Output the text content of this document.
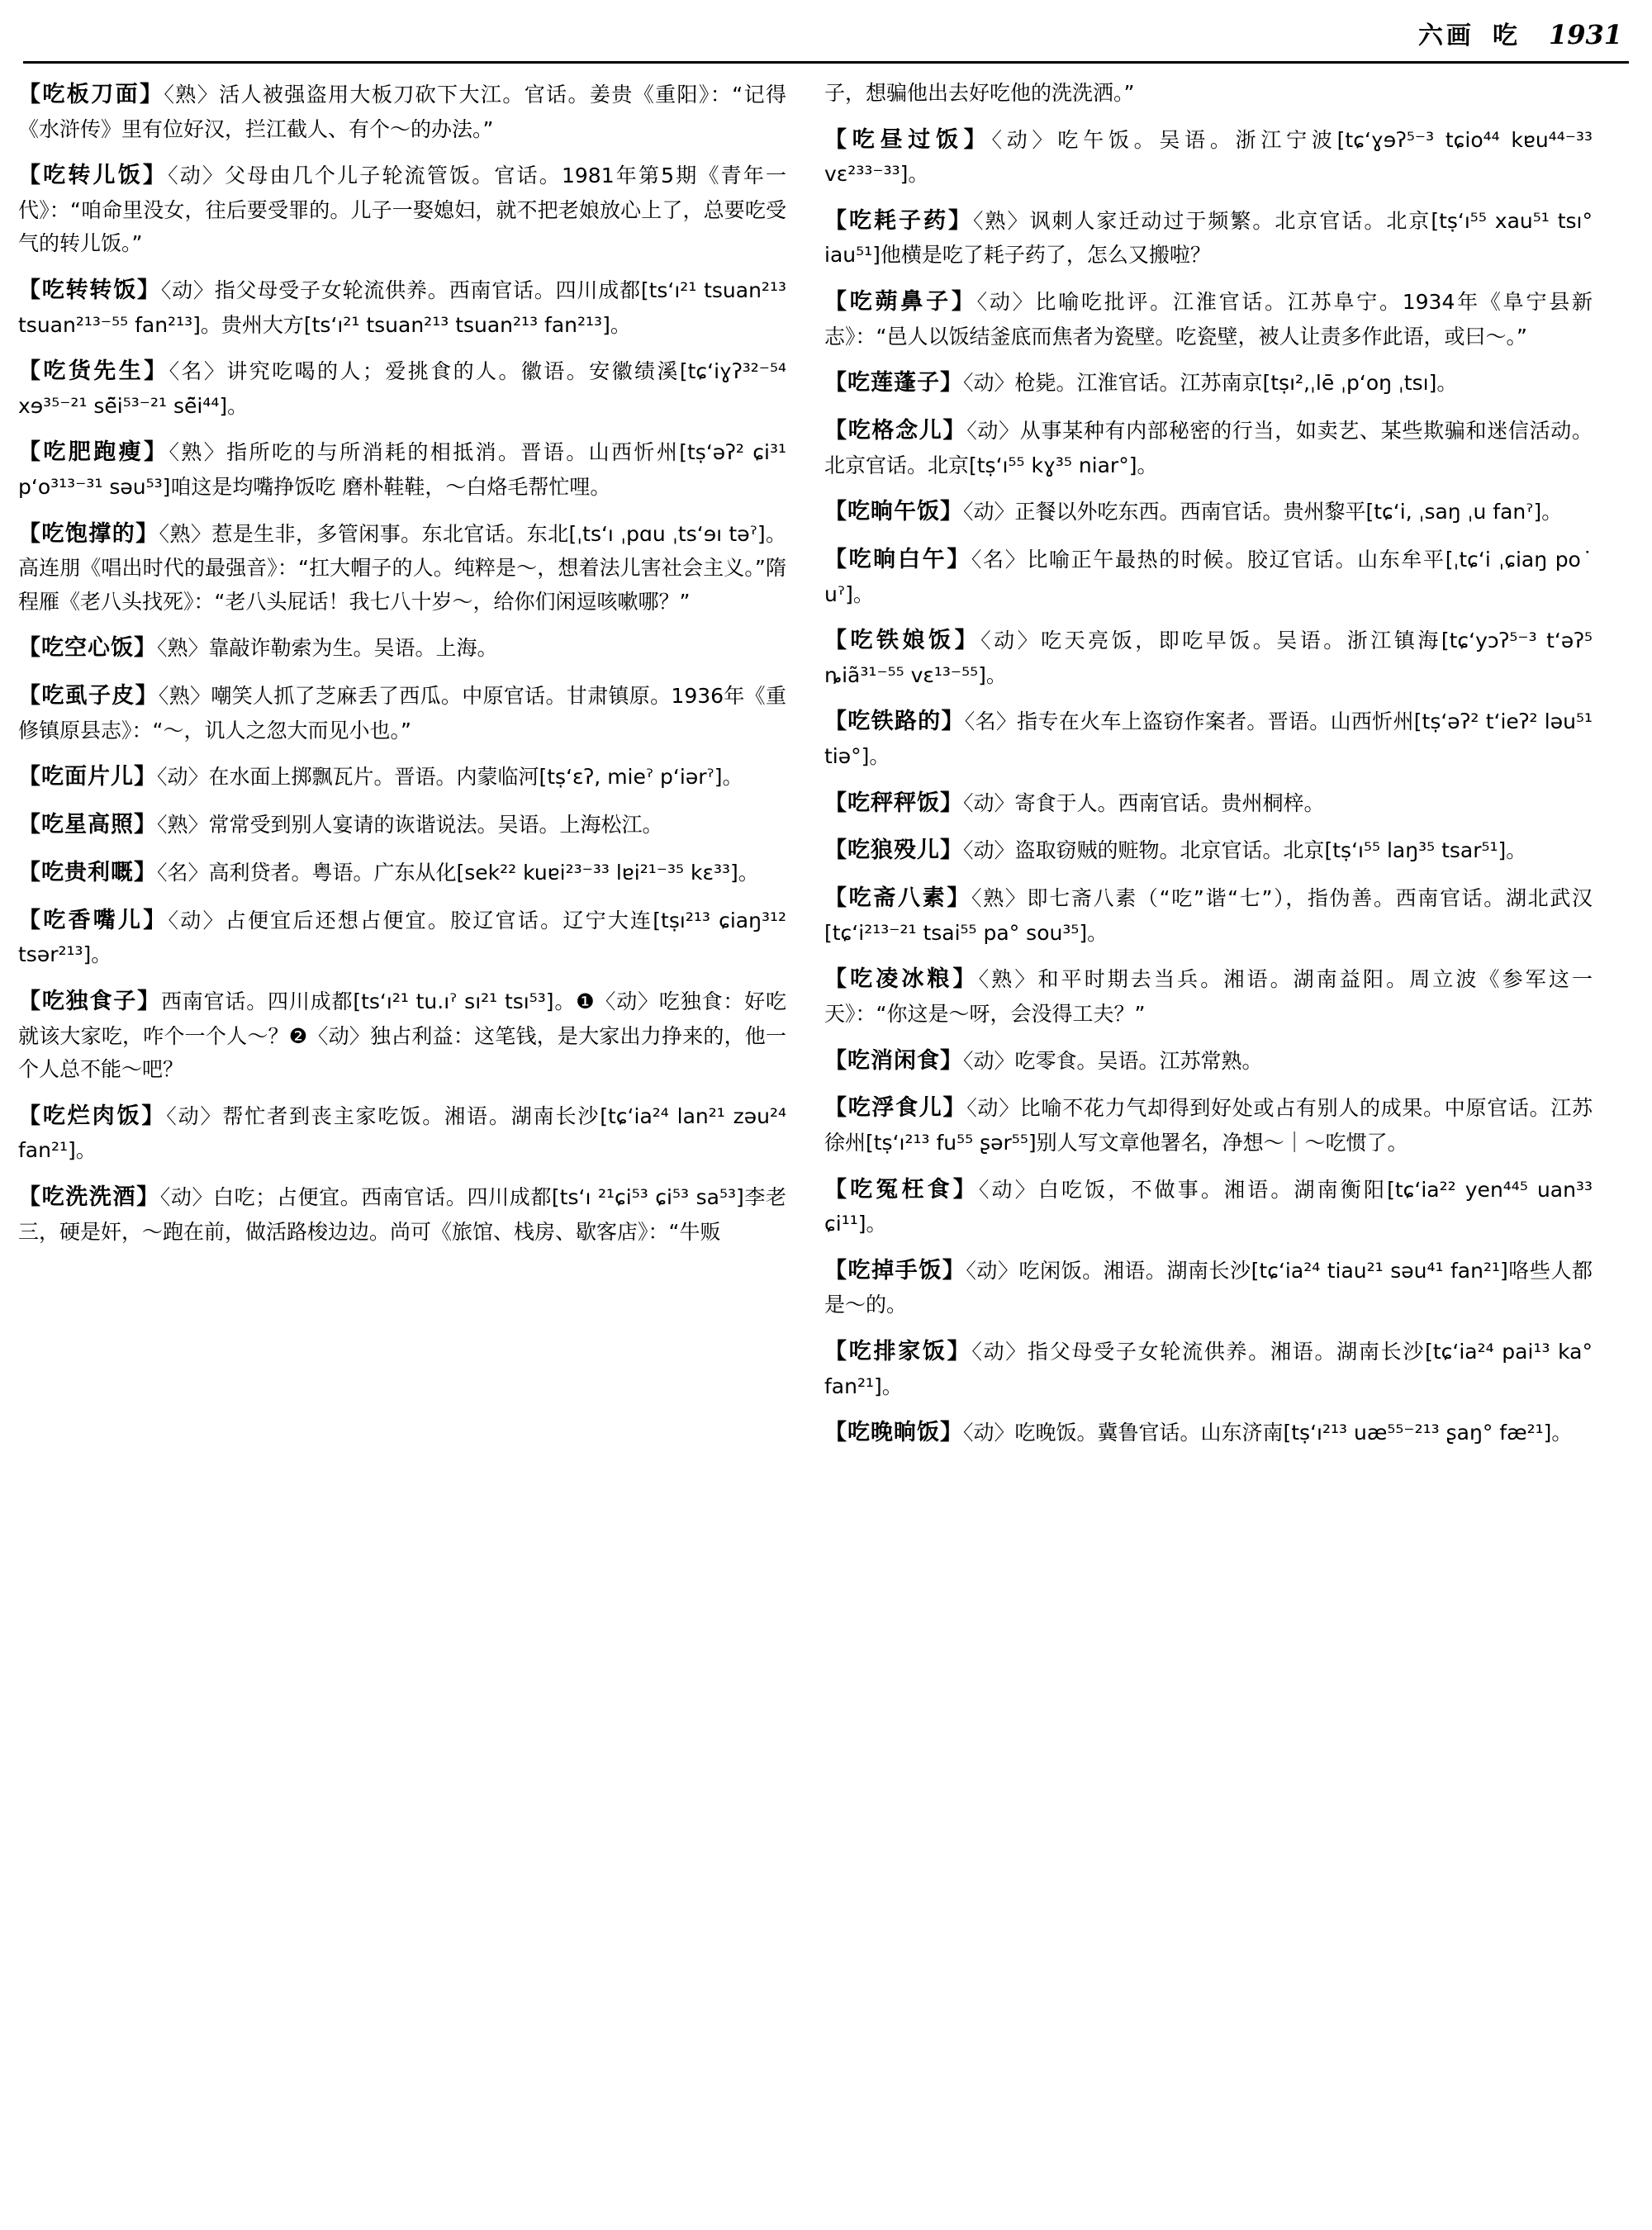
六画 吃 1931
【吃板刀面】〈熟〉活人被强盗用大板刀砍下大江。官话。姜贵《重阳》：“记得《水浒传》里有位好汉，拦江截人、有个～的办法。”
【吃转儿饭】〈动〉父母由几个儿子轮流管饭。官话。1981年第5期《青年一代》：“咱命里没女，往后要受罪的。儿子一娶媳妇，就不把老娘放心上了，总要吃受气的转儿饭。”
【吃转转饭】〈动〉指父母受子女轮流供养。西南官话。四川成都[ts‘ı²¹ tsuan²¹³ tsuan²¹³⁻⁵⁵ fan²¹³]。贵州大方[ts‘ı²¹ tsuan²¹³ tsuan²¹³ fan²¹³]。
【吃货先生】〈名〉讲究吃喝的人；爱挑食的人。徽语。安徽绩溪[tɕ‘iɣʔ³²⁻⁵⁴ xɘ³⁵⁻²¹ sē̃i⁵³⁻²¹ sē̃i⁴⁴]。
【吃肥跑瘦】〈熟〉指所吃的与所消耗的相抵消。晋语。山西忻州[tṣ‘əʔ² ɕi³¹ p‘o³¹³⁻³¹ səu⁵³]咱这是均嘴挣饭吃 磨朴鞋鞋，～白烙毛帮忙哩。
【吃饱撑的】〈熟〉惹是生非，多管闲事。东北官话。东北[ˌts‘ı ˌpɑu ˌts‘ɘı təˀ]。高连朋《唱出时代的最强音》：“扛大帽子的人。纯粹是～，想着法儿害社会主义。”隋程雁《老八头找死》：“老八头屁话！我七八十岁～，给你们闲逗咳嗽哪？”
【吃空心饭】〈熟〉靠敲诈勒索为生。吴语。上海。
【吃虱子皮】〈熟〉嘲笑人抓了芝麻丢了西瓜。中原官话。甘肃镇原。1936年《重修镇原县志》：“～，讥人之忽大而见小也。”
【吃面片儿】〈动〉在水面上掷飘瓦片。晋语。内蒙临河[tṣ‘ɛʔ, mieˀ p‘iərˀ]。
【吃星高照】〈熟〉常常受到别人宴请的诙谐说法。吴语。上海松江。
【吃贵利嘅】〈名〉高利贷者。粤语。广东从化[sek²² kuɐi²³⁻³³ lɐi²¹⁻³⁵ kɛ³³]。
【吃香嘴儿】〈动〉占便宜后还想占便宜。胶辽官话。辽宁大连[tṣı²¹³ ɕiaŋ³¹² tsər²¹³]。
【吃独食子】西南官话。四川成都[ts‘ı²¹ tu.ıˀ sı²¹ tsı⁵³]。❶〈动〉吃独食：好吃就该大家吃，咋个一个人～？❷〈动〉独占利益：这笔钱，是大家出力挣来的，他一个人总不能～吧？
【吃烂肉饭】〈动〉帮忙者到丧主家吃饭。湘语。湖南长沙[tɕ‘ia²⁴ lan²¹ zəu²⁴ fan²¹]。
【吃洗洗酒】〈动〉白吃；占便宜。西南官话。四川成都[ts‘ı ²¹ɕi⁵³ ɕi⁵³ sa⁵³]李老三，硬是奸，～跑在前，做活路梭边边。尚可《旅馆、栈房、歇客店》：“牛贩
子，想骗他出去好吃他的洗洗洒。”
【吃昼过饭】〈动〉吃午饭。吴语。浙江宁波[tɕ‘ɣɘʔ⁵⁻³ tɕio⁴⁴ kɐu⁴⁴⁻³³ vɛ²³³⁻³³]。
【吃耗子药】〈熟〉讽刺人家迁动过于频繁。北京官话。北京[tṣ‘ı⁵⁵ xau⁵¹ tsı° iau⁵¹]他横是吃了耗子药了，怎么又搬啦？
【吃蒴鼻子】〈动〉比喻吃批评。江淮官话。江苏阜宁。1934年《阜宁县新志》：“邑人以饭结釜底而焦者为瓷壁。吃瓷壁，被人让责多作此语，或曰～。”
【吃莲蓬子】〈动〉枪毙。江淮官话。江苏南京[tṣı²,ˌlē ˌp‘oŋ ˌtsı]。
【吃格念儿】〈动〉从事某种有内部秘密的行当，如卖艺、某些欺骗和迷信活动。北京官话。北京[tṣ‘ı⁵⁵ kɣ³⁵ niar°]。
【吃晌午饭】〈动〉正餐以外吃东西。西南官话。贵州黎平[tɕ‘i, ˌsaŋ ˌu fanˀ]。
【吃晌白午】〈名〉比喻正午最热的时候。胶辽官话。山东牟平[ˌtɕ‘i ˌɕiaŋ po˙ uˀ]。
【吃铁娘饭】〈动〉吃天亮饭，即吃早饭。吴语。浙江镇海[tɕ‘yɔʔ⁵⁻³ t‘əʔ⁵ ȵiã³¹⁻⁵⁵ vɛ¹³⁻⁵⁵]。
【吃铁路的】〈名〉指专在火车上盗窃作案者。晋语。山西忻州[tṣ‘əʔ² t‘ieʔ² ləu⁵¹ tiə°]。
【吃秤秤饭】〈动〉寄食于人。西南官话。贵州桐梓。
【吃狼殁儿】〈动〉盗取窃贼的赃物。北京官话。北京[tṣ‘ı⁵⁵ laŋ³⁵ tsar⁵¹]。
【吃斋八素】〈熟〉即七斋八素（“吃”谐“七”），指伪善。西南官话。湖北武汉[tɕ‘i²¹³⁻²¹ tsai⁵⁵ pa° sou³⁵]。
【吃凌冰粮】〈熟〉和平时期去当兵。湘语。湖南益阳。周立波《参军这一天》：“你这是～呀，会没得工夫？”
【吃消闲食】〈动〉吃零食。吴语。江苏常熟。
【吃浮食儿】〈动〉比喻不花力气却得到好处或占有别人的成果。中原官话。江苏徐州[tṣ‘ı²¹³ fu⁵⁵ ʂər⁵⁵]别人写文章他署名，净想～｜～吃惯了。
【吃冤枉食】〈动〉白吃饭，不做事。湘语。湖南衡阳[tɕ‘ia²² yen⁴⁴⁵ uan³³ ɕi¹¹]。
【吃掉手饭】〈动〉吃闲饭。湘语。湖南长沙[tɕ‘ia²⁴ tiau²¹ səu⁴¹ fan²¹]咯些人都是～的。
【吃排家饭】〈动〉指父母受子女轮流供养。湘语。湖南长沙[tɕ‘ia²⁴ pai¹³ ka° fan²¹]。
【吃晚晌饭】〈动〉吃晚饭。冀鲁官话。山东济南[tṣ‘ı²¹³ uæ⁵⁵⁻²¹³ ʂaŋ° fæ²¹]。
